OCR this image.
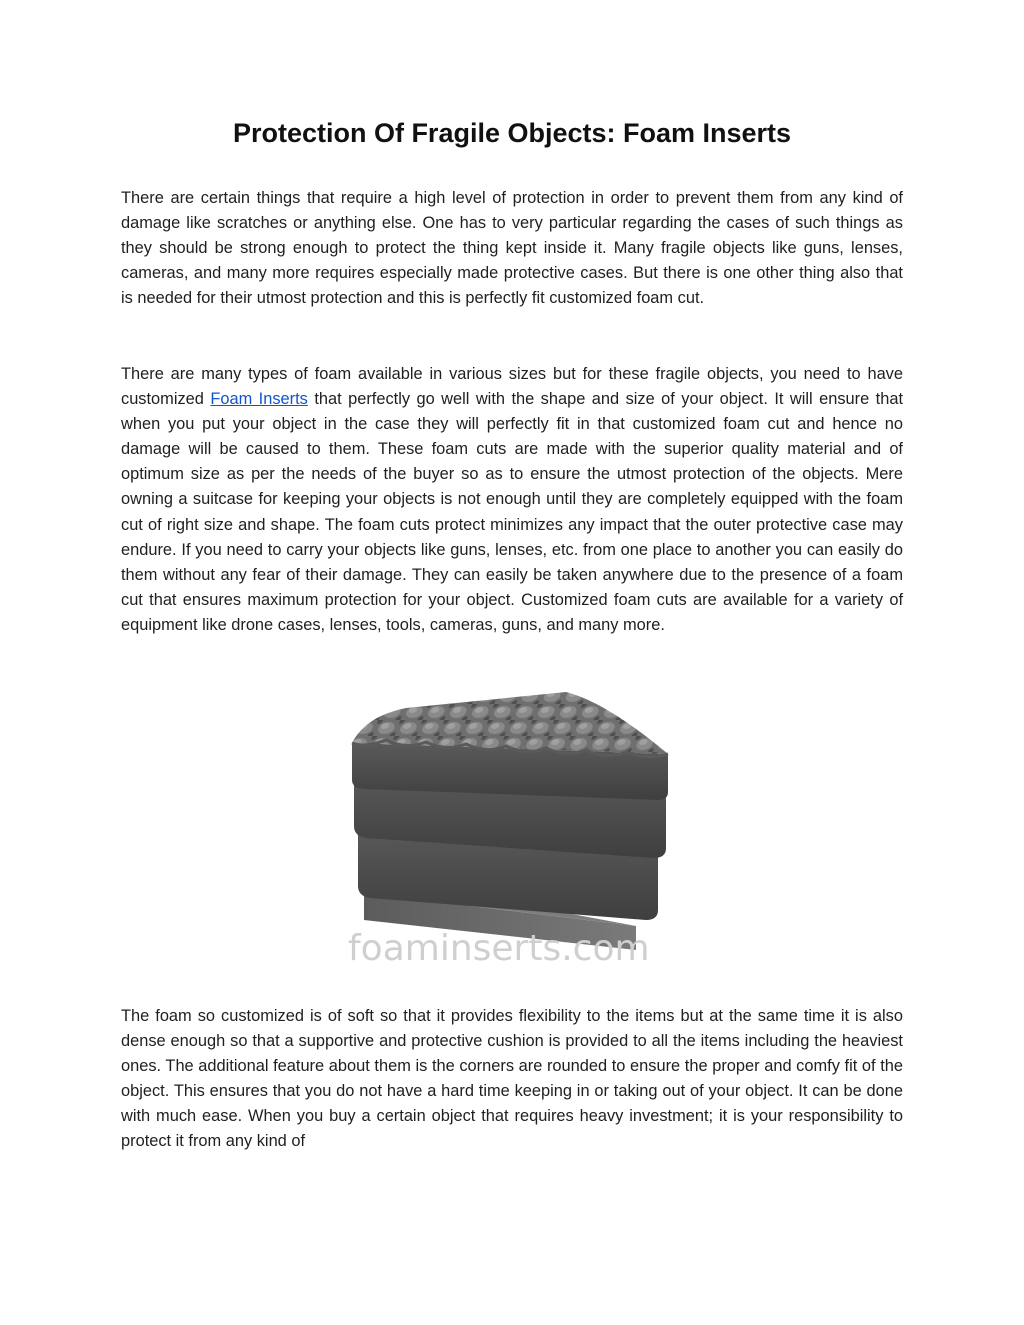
Protection Of Fragile Objects: Foam Inserts

There are certain things that require a high level of protection in order to prevent them from any kind of damage like scratches or anything else. One has to very particular regarding the cases of such things as they should be strong enough to protect the thing kept inside it. Many fragile objects like guns, lenses, cameras, and many more requires especially made protective cases. But there is one other thing also that is needed for their utmost protection and this is perfectly fit customized foam cut.

There are many types of foam available in various sizes but for these fragile objects, you need to have customized Foam Inserts that perfectly go well with the shape and size of your object. It will ensure that when you put your object in the case they will perfectly fit in that customized foam cut and hence no damage will be caused to them. These foam cuts are made with the superior quality material and of optimum size as per the needs of the buyer so as to ensure the utmost protection of the objects. Mere owning a suitcase for keeping your objects is not enough until they are completely equipped with the foam cut of right size and shape. The foam cuts protect minimizes any impact that the outer protective case may endure. If you need to carry your objects like guns, lenses, etc. from one place to another you can easily do them without any fear of their damage. They can easily be taken anywhere due to the presence of a foam cut that ensures maximum protection for your object. Customized foam cuts are available for a variety of equipment like drone cases, lenses, tools, cameras, guns, and many more.

foaminserts.com

The foam so customized is of soft so that it provides flexibility to the items but at the same time it is also dense enough so that a supportive and protective cushion is provided to all the items including the heaviest ones. The additional feature about them is the corners are rounded to ensure the proper and comfy fit of the object. This ensures that you do not have a hard time keeping in or taking out of your object. It can be done with much ease. When you buy a certain object that requires heavy investment; it is your responsibility to protect it from any kind of
